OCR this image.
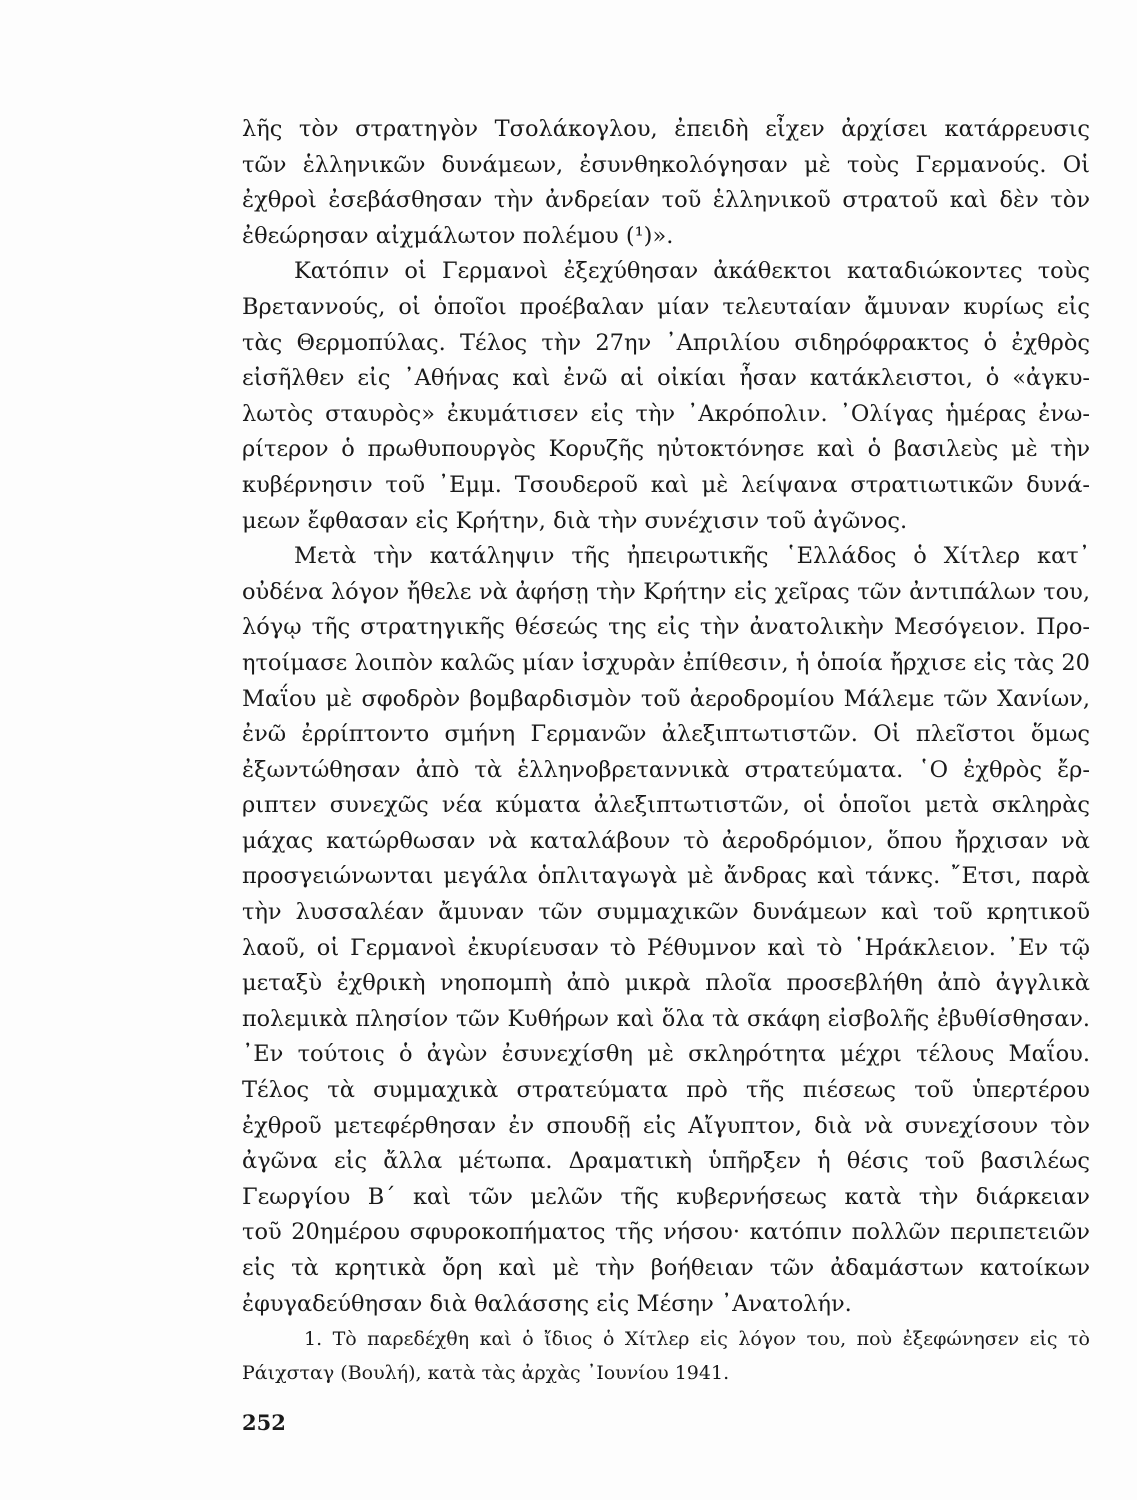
λῆς τὸν στρατηγὸν Τσολάκογλου, ἐπειδὴ εἶχεν ἀρχίσει κατάρρευσις
τῶν ἑλληνικῶν δυνάμεων, ἐσυνθηκολόγησαν μὲ τοὺς Γερμανούς. Οἱ
ἐχθροὶ ἐσεβάσθησαν τὴν ἀνδρείαν τοῦ ἑλληνικοῦ στρατοῦ καὶ δὲν τὸν
ἐθεώρησαν αἰχμάλωτον πολέμου (¹)».
Κατόπιν οἱ Γερμανοὶ ἐξεχύθησαν ἀκάθεκτοι καταδιώκοντες τοὺς
Βρεταννούς, οἱ ὁποῖοι προέβαλαν μίαν τελευταίαν ἄμυναν κυρίως εἰς
τὰς Θερμοπύλας. Τέλος τὴν 27ην ᾽Απριλίου σιδηρόφρακτος ὁ ἐχθρὸς
εἰσῆλθεν εἰς ᾽Αθήνας καὶ ἐνῶ αἱ οἰκίαι ἦσαν κατάκλειστοι, ὁ «ἀγκυ-
λωτὸς σταυρὸς» ἐκυμάτισεν εἰς τὴν ᾽Ακρόπολιν. ᾽Ολίγας ἡμέρας ἐνω-
ρίτερον ὁ πρωθυπουργὸς Κορυζῆς ηὐτοκτόνησε καὶ ὁ βασιλεὺς μὲ τὴν
κυβέρνησιν τοῦ ᾽Εμμ. Τσουδεροῦ καὶ μὲ λείψανα στρατιωτικῶν δυνά-
μεων ἔφθασαν εἰς Κρήτην, διὰ τὴν συνέχισιν τοῦ ἀγῶνος.
Μετὰ τὴν κατάληψιν τῆς ἠπειρωτικῆς ῾Ελλάδος ὁ Χίτλερ κατ᾽
οὐδένα λόγον ἤθελε νὰ ἀφήσῃ τὴν Κρήτην εἰς χεῖρας τῶν ἀντιπάλων του,
λόγῳ τῆς στρατηγικῆς θέσεώς της εἰς τὴν ἀνατολικὴν Μεσόγειον. Προ-
ητοίμασε λοιπὸν καλῶς μίαν ἰσχυρὰν ἐπίθεσιν, ἡ ὁποία ἤρχισε εἰς τὰς 20
Μαΐου μὲ σφοδρὸν βομβαρδισμὸν τοῦ ἀεροδρομίου Μάλεμε τῶν Χανίων,
ἐνῶ ἐρρίπτοντο σμήνη Γερμανῶν ἀλεξιπτωτιστῶν. Οἱ πλεῖστοι ὅμως
ἐξωντώθησαν ἀπὸ τὰ ἑλληνοβρεταννικὰ στρατεύματα. ῾Ο ἐχθρὸς ἔρ-
ριπτεν συνεχῶς νέα κύματα ἀλεξιπτωτιστῶν, οἱ ὁποῖοι μετὰ σκληρὰς
μάχας κατώρθωσαν νὰ καταλάβουν τὸ ἀεροδρόμιον, ὅπου ἤρχισαν νὰ
προσγειώνωνται μεγάλα ὁπλιταγωγὰ μὲ ἄνδρας καὶ τάνκς. ῎Ετσι, παρὰ
τὴν λυσσαλέαν ἄμυναν τῶν συμμαχικῶν δυνάμεων καὶ τοῦ κρητικοῦ
λαοῦ, οἱ Γερμανοὶ ἐκυρίευσαν τὸ Ρέθυμνον καὶ τὸ ῾Ηράκλειον. ᾽Εν τῷ
μεταξὺ ἐχθρικὴ νηοπομπὴ ἀπὸ μικρὰ πλοῖα προσεβλήθη ἀπὸ ἀγγλικὰ
πολεμικὰ πλησίον τῶν Κυθήρων καὶ ὅλα τὰ σκάφη εἰσβολῆς ἐβυθίσθησαν.
᾽Εν τούτοις ὁ ἀγὼν ἐσυνεχίσθη μὲ σκληρότητα μέχρι τέλους Μαΐου.
Τέλος τὰ συμμαχικὰ στρατεύματα πρὸ τῆς πιέσεως τοῦ ὑπερτέρου
ἐχθροῦ μετεφέρθησαν ἐν σπουδῇ εἰς Αἴγυπτον, διὰ νὰ συνεχίσουν τὸν
ἀγῶνα εἰς ἄλλα μέτωπα. Δραματικὴ ὑπῆρξεν ἡ θέσις τοῦ βασιλέως
Γεωργίου Β΄ καὶ τῶν μελῶν τῆς κυβερνήσεως κατὰ τὴν διάρκειαν
τοῦ 20ημέρου σφυροκοπήματος τῆς νήσου· κατόπιν πολλῶν περιπετειῶν
εἰς τὰ κρητικὰ ὄρη καὶ μὲ τὴν βοήθειαν τῶν ἀδαμάστων κατοίκων
ἐφυγαδεύθησαν διὰ θαλάσσης εἰς Μέσην ᾽Ανατολήν.
1. Τὸ παρεδέχθη καὶ ὁ ἴδιος ὁ Χίτλερ εἰς λόγον του, ποὺ ἐξεφώνησεν εἰς τὸ
Ράιχσταγ (Βουλή), κατὰ τὰς ἀρχὰς ᾽Ιουνίου 1941.
252
